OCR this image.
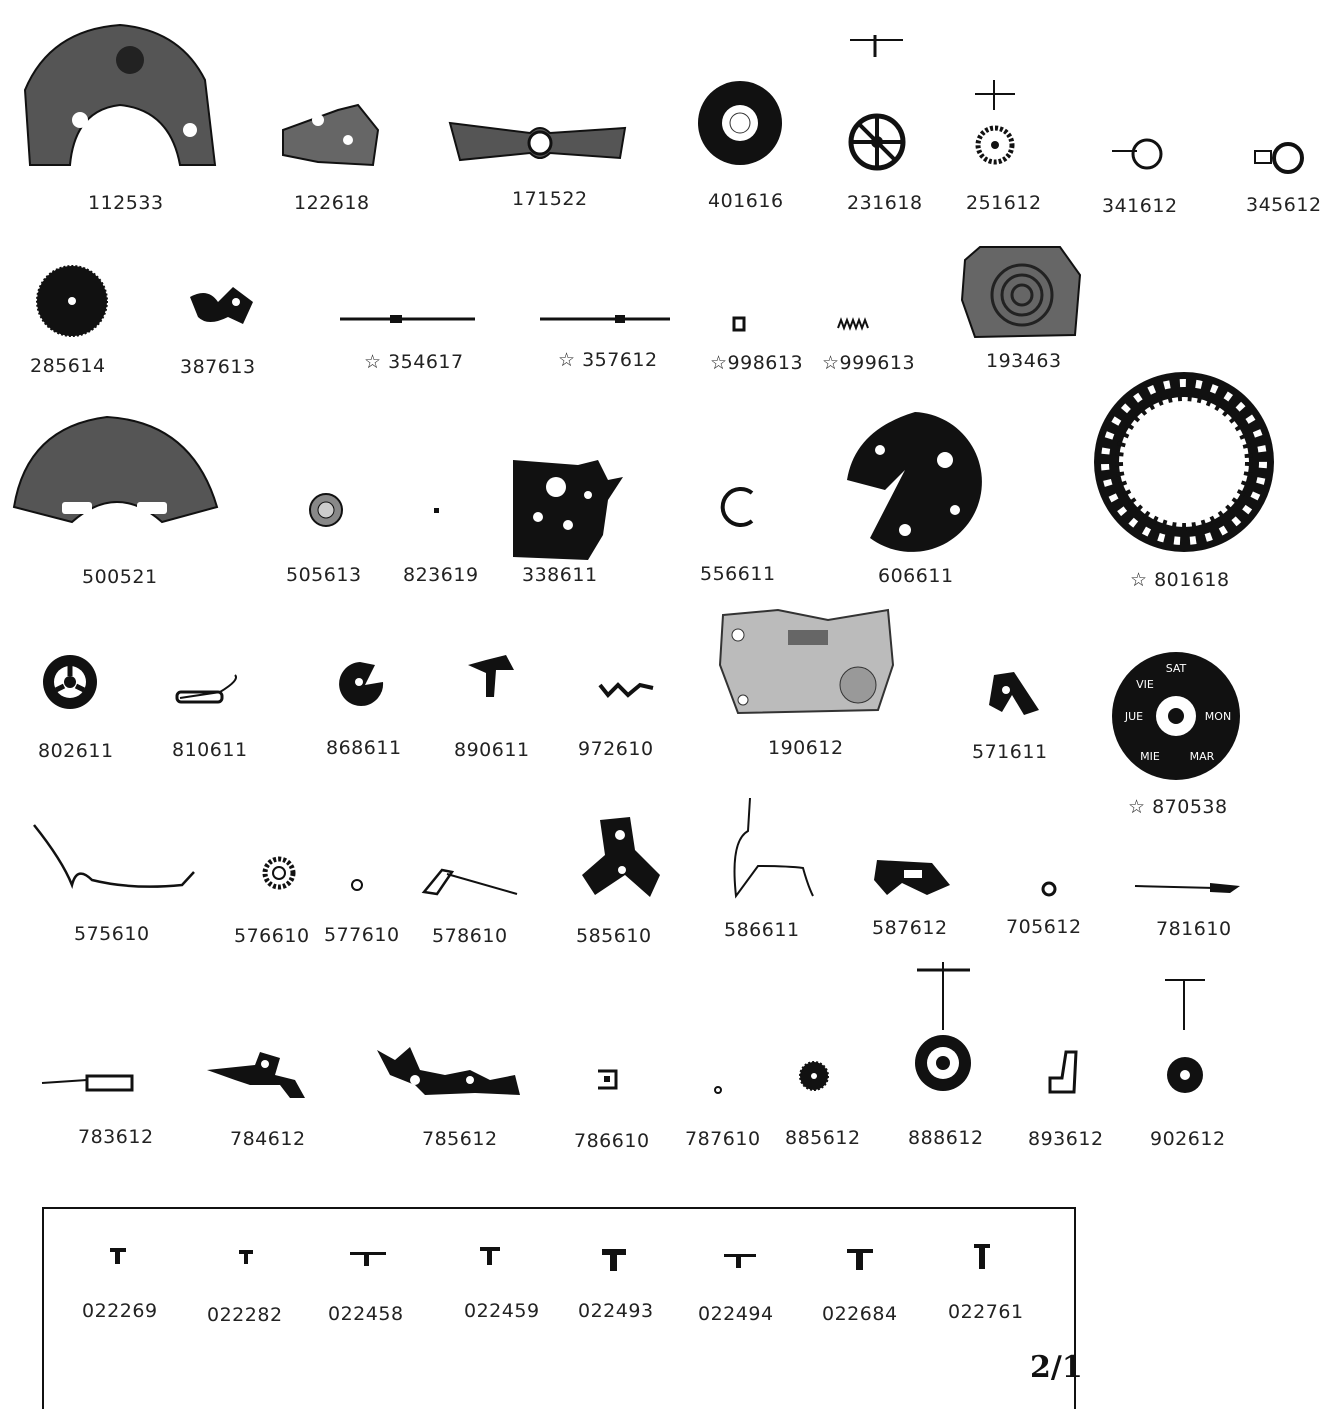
112533	122618	171522	401616	231618 251612	341612	345612
285614	387613	☆ 354617	☆ 357612	☆998613 ☆999613	193463
500521	505613 823619 338611	556611	606611	☆ 801618
802611	810611	868611	890611	972610	190612	571611
SAT
MON
MAR
MIE
JUE
VIE
☆ 870538
575610	576610 577610 578610	585610	586611	587612	705612	781610
783612	784612	785612	786610 787610 885612 888612 893612 902612
022269	022282 022458	022459 022493 022494	022684	022761
2/1
